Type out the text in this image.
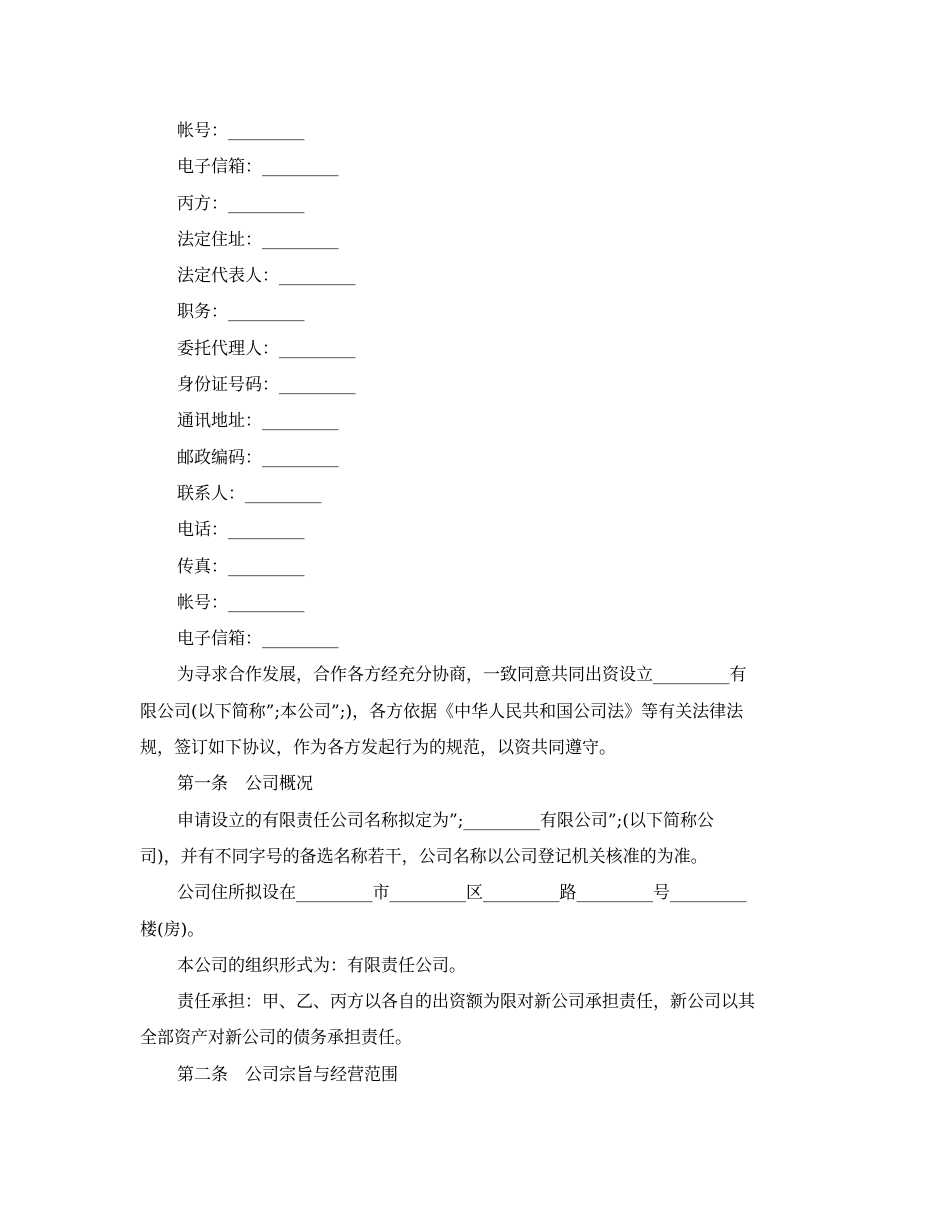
帐号：_________
电子信箱：_________
丙方：_________
法定住址：_________
法定代表人：_________
职务：_________
委托代理人：_________
身份证号码：_________
通讯地址：_________
邮政编码：_________
联系人：_________
电话：_________
传真：_________
帐号：_________
电子信箱：_________
为寻求合作发展，合作各方经充分协商，一致同意共同出资设立_________有
限公司(以下简称”;本公司”;)，各方依据《中华人民共和国公司法》等有关法律法
规，签订如下协议，作为各方发起行为的规范，以资共同遵守。
第一条　公司概况
申请设立的有限责任公司名称拟定为”;_________有限公司”;(以下简称公
司)，并有不同字号的备选名称若干，公司名称以公司登记机关核准的为准。
公司住所拟设在_________市_________区_________路_________号_________
楼(房)。
本公司的组织形式为：有限责任公司。
责任承担：甲、乙、丙方以各自的出资额为限对新公司承担责任，新公司以其
全部资产对新公司的债务承担责任。
第二条　公司宗旨与经营范围
